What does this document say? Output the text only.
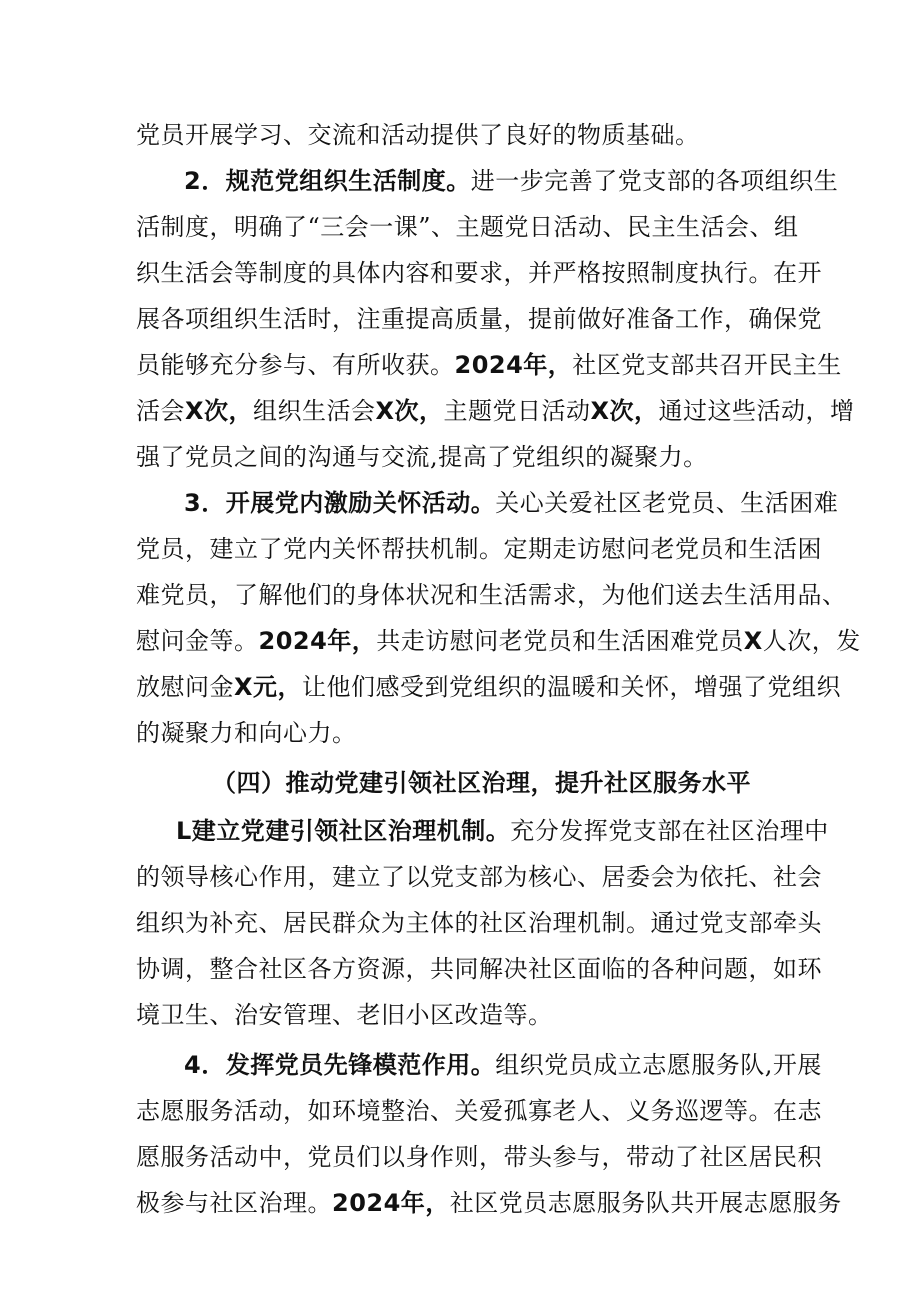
党员开展学习、交流和活动提供了良好的物质基础。
2．规范党组织生活制度。进一步完善了党支部的各项组织生
活制度，明确了“三会一课”、主题党日活动、民主生活会、组
织生活会等制度的具体内容和要求，并严格按照制度执行。在开
展各项组织生活时，注重提高质量，提前做好准备工作，确保党
员能够充分参与、有所收获。2024年，社区党支部共召开民主生
活会X次，组织生活会X次，主题党日活动X次，通过这些活动，增
强了党员之间的沟通与交流,提高了党组织的凝聚力。
3．开展党内激励关怀活动。关心关爱社区老党员、生活困难
党员，建立了党内关怀帮扶机制。定期走访慰问老党员和生活困
难党员，了解他们的身体状况和生活需求，为他们送去生活用品、
慰问金等。2024年，共走访慰问老党员和生活困难党员X人次，发
放慰问金X元，让他们感受到党组织的温暖和关怀，增强了党组织
的凝聚力和向心力。
（四）推动党建引领社区治理，提升社区服务水平
L建立党建引领社区治理机制。充分发挥党支部在社区治理中
的领导核心作用，建立了以党支部为核心、居委会为依托、社会
组织为补充、居民群众为主体的社区治理机制。通过党支部牵头
协调，整合社区各方资源，共同解决社区面临的各种问题，如环
境卫生、治安管理、老旧小区改造等。
4．发挥党员先锋模范作用。组织党员成立志愿服务队,开展
志愿服务活动，如环境整治、关爱孤寡老人、义务巡逻等。在志
愿服务活动中，党员们以身作则，带头参与，带动了社区居民积
极参与社区治理。2024年，社区党员志愿服务队共开展志愿服务
